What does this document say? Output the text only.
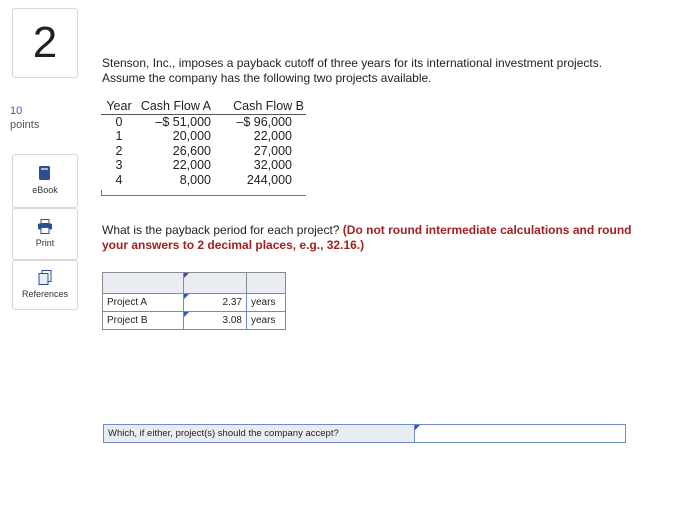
2
10
points
eBook
Print
References
Stenson, Inc., imposes a payback cutoff of three years for its international investment projects. Assume the company has the following two projects available.
Year	Cash Flow A	Cash Flow B
0	–$ 51,000	–$ 96,000
1	20,000	22,000
2	26,600	27,000
3	22,000	32,000
4	8,000	244,000
What is the payback period for each project? (Do not round intermediate calculations and round your answers to 2 decimal places, e.g., 32.16.)

Project A	2.37	years
Project B	3.08	years
Which, if either, project(s) should the company accept?
